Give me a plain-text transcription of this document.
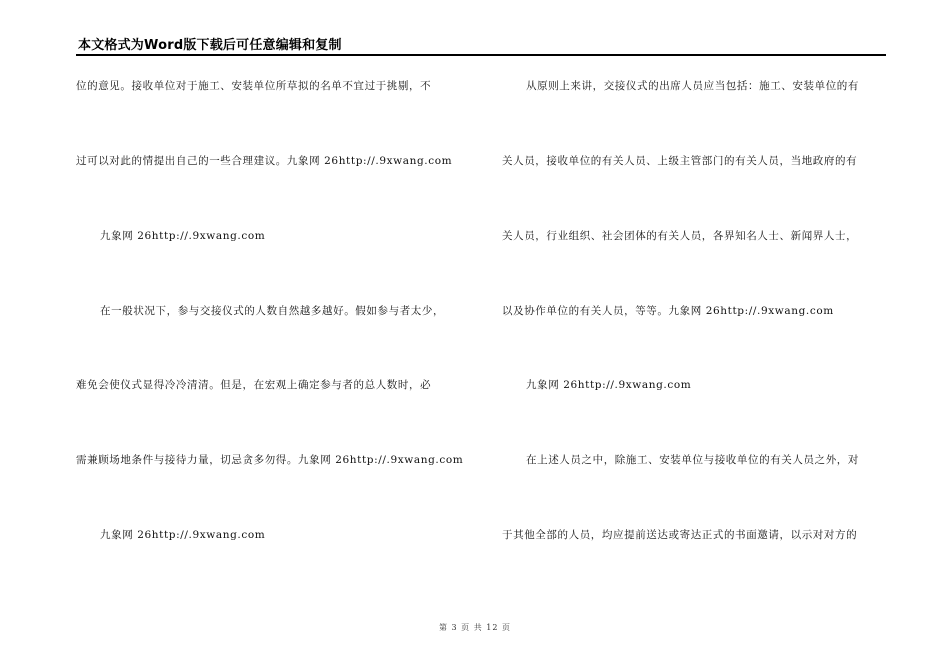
本文格式为Word版下载后可任意编辑和复制
位的意见。接收单位对于施工、安装单位所草拟的名单不宜过于挑剔，不
过可以对此的情提出自己的一些合理建议。九象网 26http://.9xwang.com
九象网 26http://.9xwang.com
在一般状况下，参与交接仪式的人数自然越多越好。假如参与者太少，
难免会使仪式显得冷冷清清。但是，在宏观上确定参与者的总人数时，必
需兼顾场地条件与接待力量，切忌贪多勿得。九象网 26http://.9xwang.com
九象网 26http://.9xwang.com
从原则上来讲，交接仪式的出席人员应当包括：施工、安装单位的有
关人员，接收单位的有关人员、上级主管部门的有关人员，当地政府的有
关人员，行业组织、社会团体的有关人员，各界知名人士、新闻界人士，
以及协作单位的有关人员，等等。九象网 26http://.9xwang.com
九象网 26http://.9xwang.com
在上述人员之中，除施工、安装单位与接收单位的有关人员之外，对
于其他全部的人员，均应提前送达或寄达正式的书面邀请，以示对对方的
第 3 页 共 12 页
